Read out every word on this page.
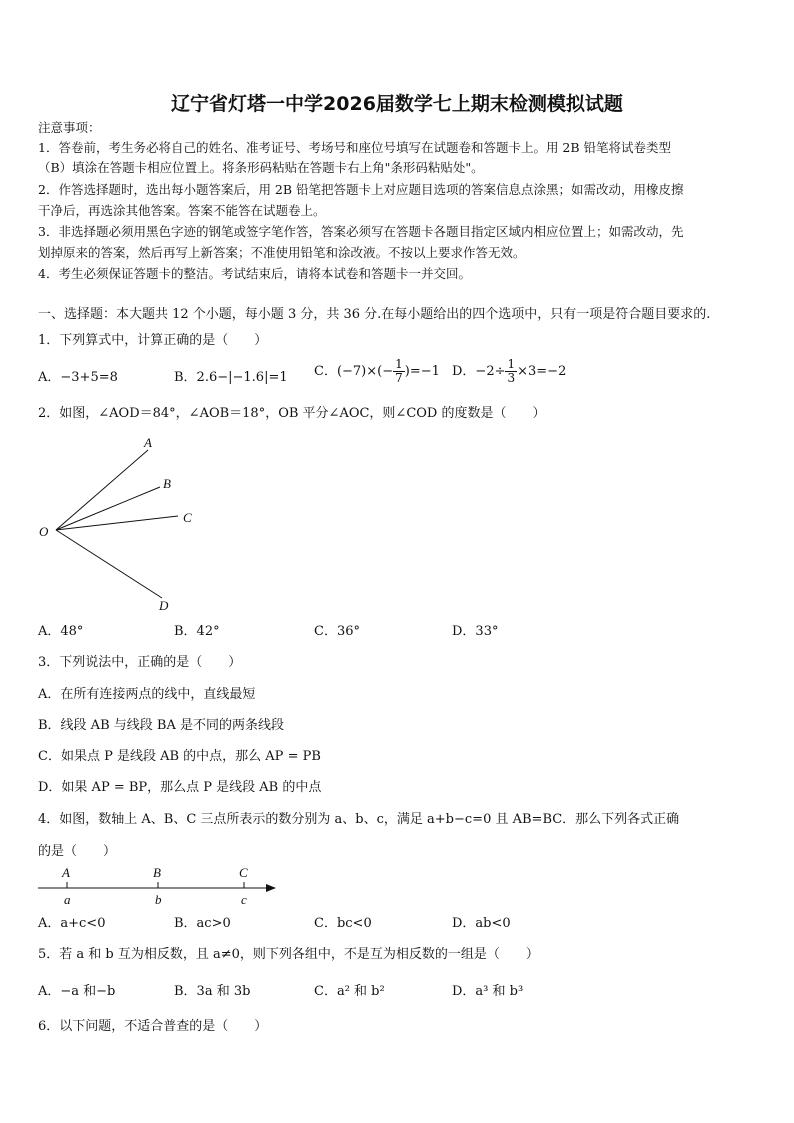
辽宁省灯塔一中学2026届数学七上期末检测模拟试题
注意事项：
1．答卷前，考生务必将自己的姓名、准考证号、考场号和座位号填写在试题卷和答题卡上。用 2B 铅笔将试卷类型
（B）填涂在答题卡相应位置上。将条形码粘贴在答题卡右上角"条形码粘贴处"。
2．作答选择题时，选出每小题答案后，用 2B 铅笔把答题卡上对应题目选项的答案信息点涂黑；如需改动，用橡皮擦
干净后，再选涂其他答案。答案不能答在试题卷上。
3．非选择题必须用黑色字迹的钢笔或签字笔作答，答案必须写在答题卡各题目指定区域内相应位置上；如需改动，先
划掉原来的答案，然后再写上新答案；不准使用铅笔和涂改液。不按以上要求作答无效。
4．考生必须保证答题卡的整洁。考试结束后，请将本试卷和答题卡一并交回。
一、选择题：本大题共 12 个小题，每小题 3 分，共 36 分.在每小题给出的四个选项中，只有一项是符合题目要求的.
1．下列算式中，计算正确的是（　　）
A．−3+5=8	B．2.6−|−1.6|=1 C．$(-7)\times(- \frac{1}{7} )=-1$ D．$-2\div \frac{1}{3} \times 3=-2$
2．如图，∠AOD＝84°，∠AOB＝18°，OB 平分∠AOC，则∠COD 的度数是（　　）
A
B
C
D
O
A．48°	B．42°	C．36°	D．33°
3．下列说法中，正确的是（　　）
A．在所有连接两点的线中，直线最短
B．线段 AB 与线段 BA 是不同的两条线段
C．如果点 P 是线段 AB 的中点，那么 AP = PB
D．如果 AP = BP，那么点 P 是线段 AB 的中点
4．如图，数轴上 A、B、C 三点所表示的数分别为 a、b、c，满足 a+b−c=0 且 AB=BC．那么下列各式正确
的是（　　）
A	B	C
a	b	c
A．a+c<0	B．ac>0	C．bc<0	D．ab<0
5．若 a 和 b 互为相反数，且 a≠0，则下列各组中，不是互为相反数的一组是（　　）
A．−a 和−b	B．3a 和 3b	C．a² 和 b²	D．a³ 和 b³
6．以下问题，不适合普查的是（　　）
